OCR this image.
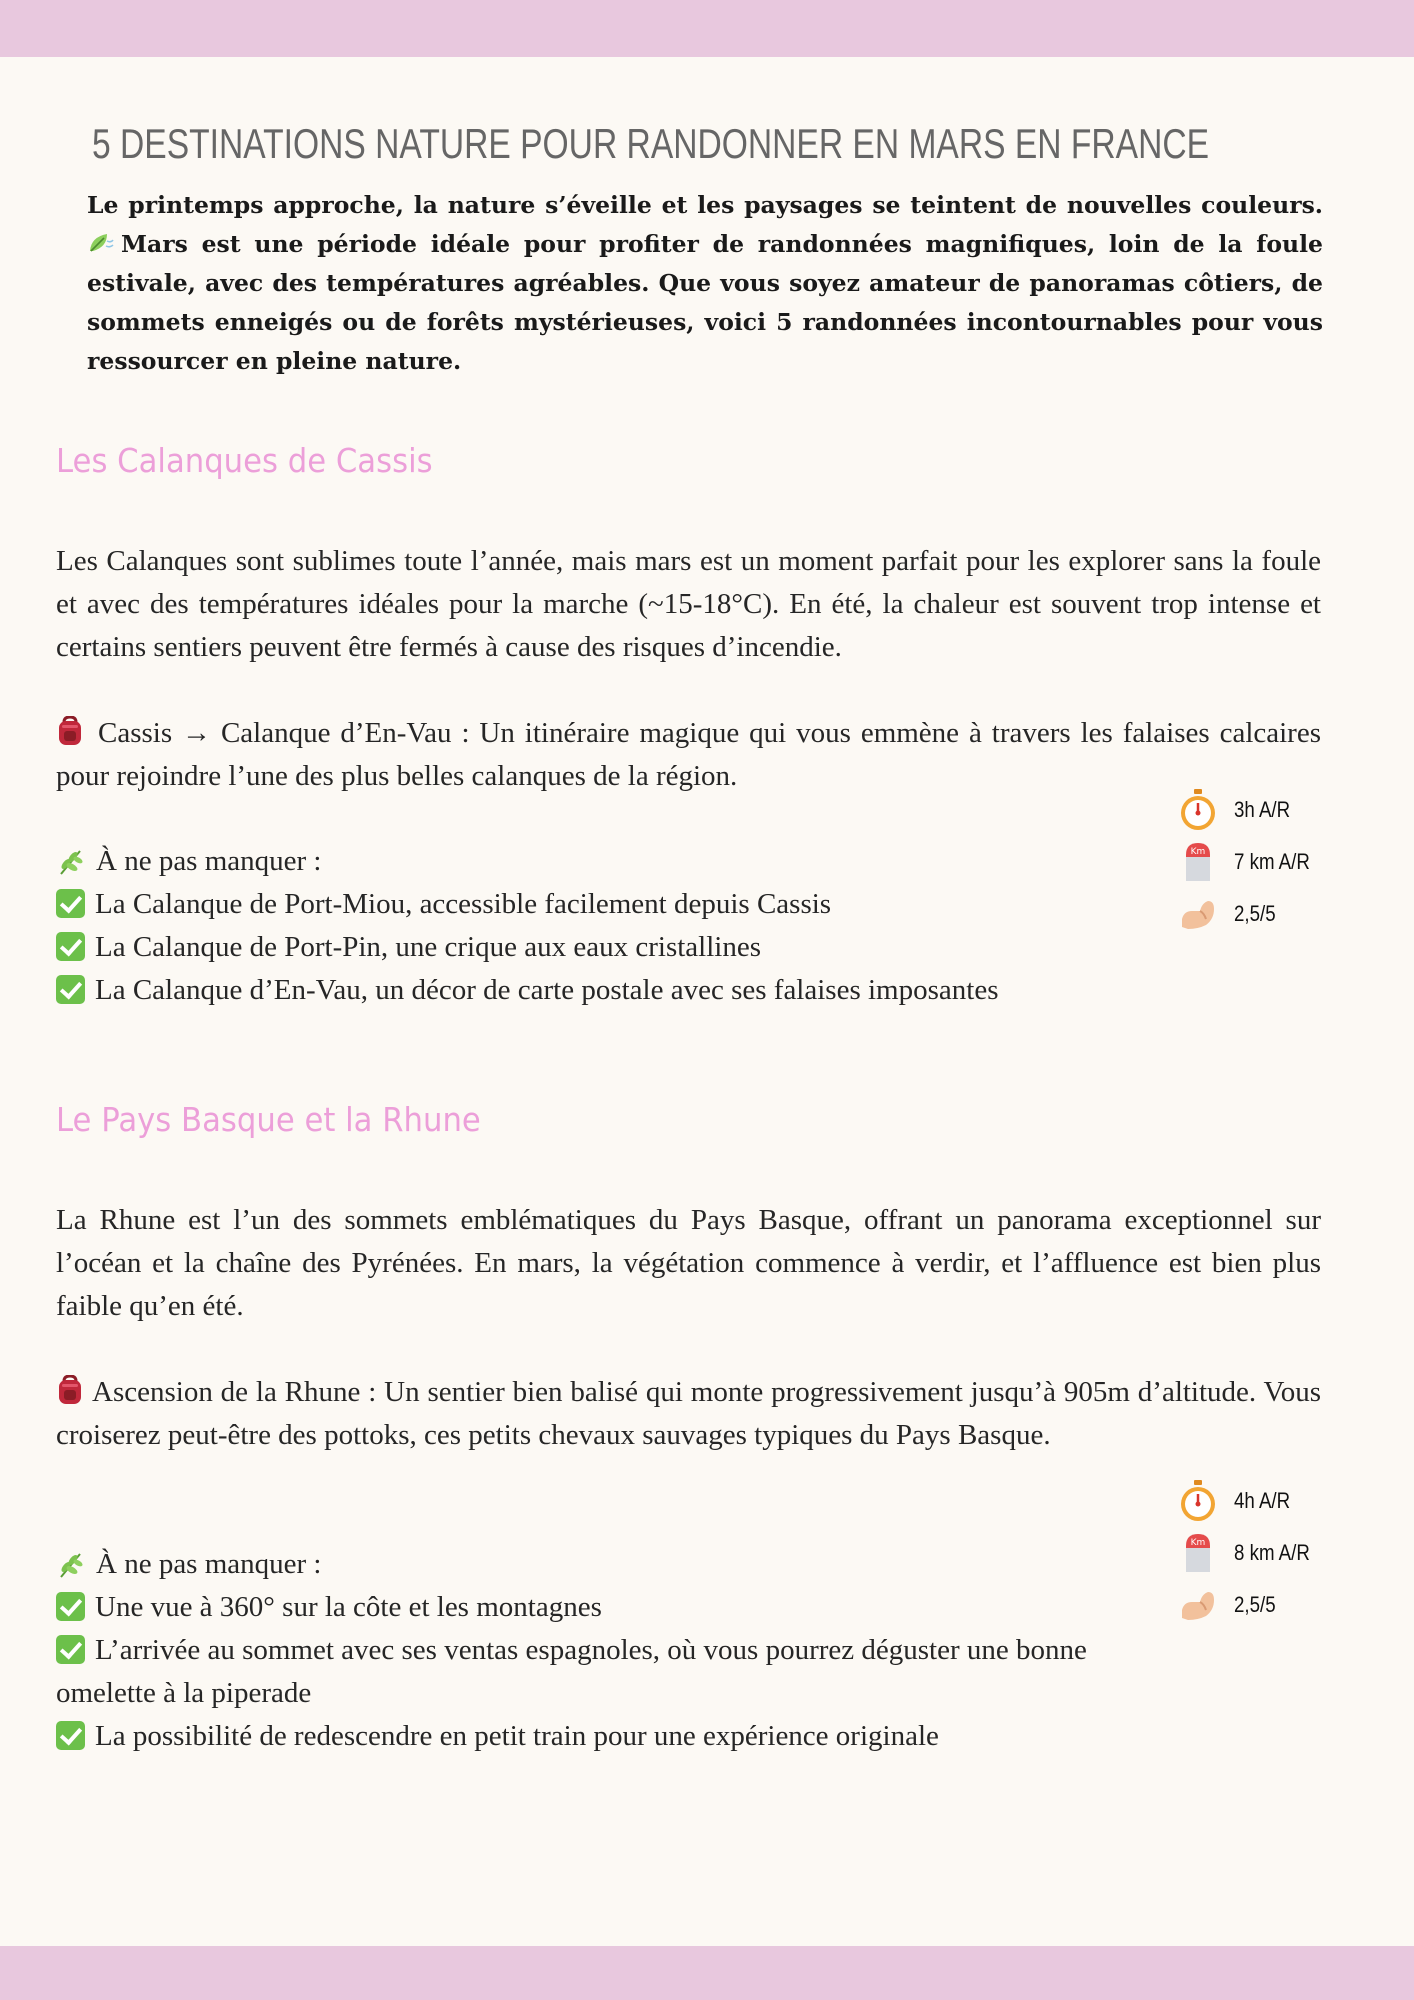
5 DESTINATIONS NATURE POUR RANDONNER EN MARS EN FRANCE

Le printemps approche, la nature s’éveille et les paysages se teintent de nouvelles couleurs. Mars est une période idéale pour profiter de randonnées magnifiques, loin de la foule estivale, avec des températures agréables. Que vous soyez amateur de panoramas côtiers, de sommets enneigés ou de forêts mystérieuses, voici 5 randonnées incontournables pour vous ressourcer en pleine nature.

Les Calanques de Cassis

Les Calanques sont sublimes toute l’année, mais mars est un moment parfait pour les explorer sans la foule et avec des températures idéales pour la marche (~15-18°C). En été, la chaleur est souvent trop intense et certains sentiers peuvent être fermés à cause des risques d’incendie.

Cassis → Calanque d’En-Vau : Un itinéraire magique qui vous emmène à travers les falaises calcaires pour rejoindre l’une des plus belles calanques de la région.

3h A/R
Km 7 km A/R
2,5/5
À ne pas manquer :
La Calanque de Port-Miou, accessible facilement depuis Cassis
La Calanque de Port-Pin, une crique aux eaux cristallines
La Calanque d’En-Vau, un décor de carte postale avec ses falaises imposantes
Le Pays Basque et la Rhune

La Rhune est l’un des sommets emblématiques du Pays Basque, offrant un panorama exceptionnel sur l’océan et la chaîne des Pyrénées. En mars, la végétation commence à verdir, et l’affluence est bien plus faible qu’en été.

Ascension de la Rhune : Un sentier bien balisé qui monte progressivement jusqu’à 905m d’altitude. Vous croiserez peut-être des pottoks, ces petits chevaux sauvages typiques du Pays Basque.

4h A/R
Km 8 km A/R
2,5/5
À ne pas manquer :
Une vue à 360° sur la côte et les montagnes
L’arrivée au sommet avec ses ventas espagnoles, où vous pourrez déguster une bonne omelette à la piperade
La possibilité de redescendre en petit train pour une expérience originale
